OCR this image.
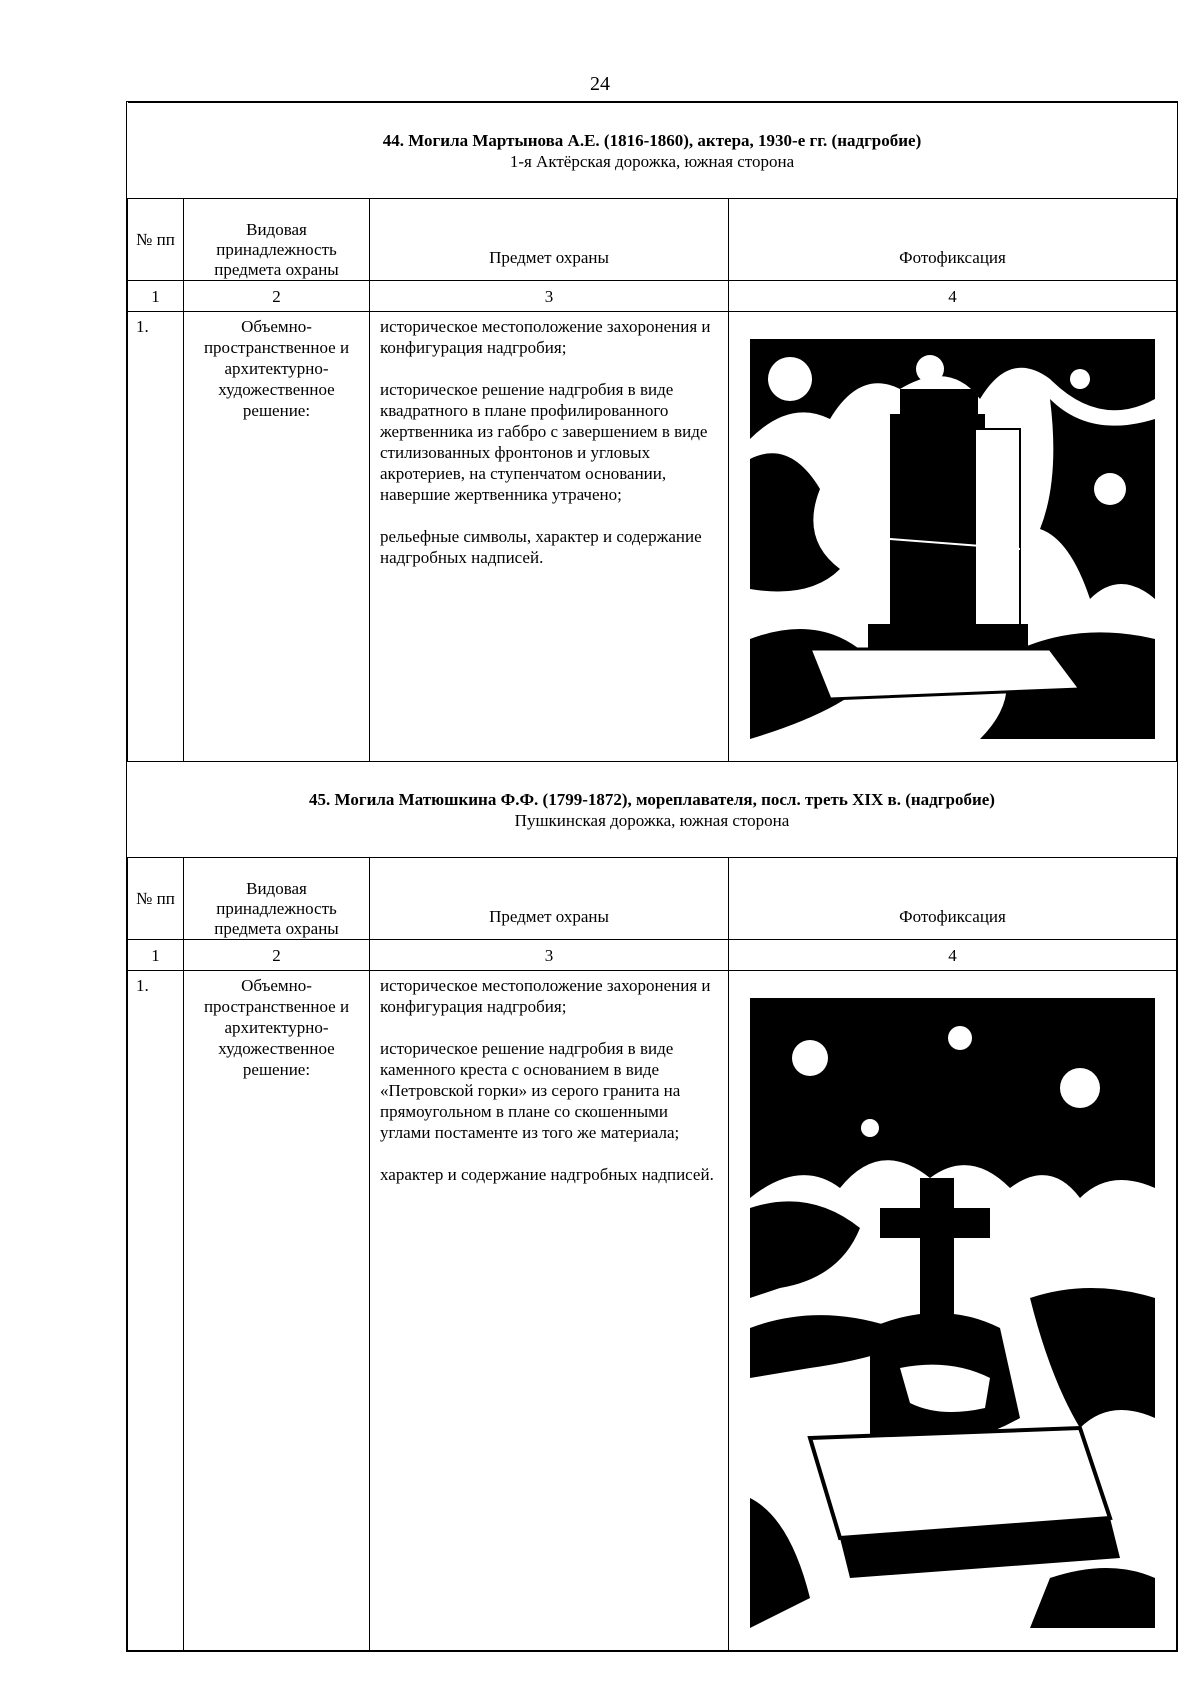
24
44. Могила Мартынова А.Е. (1816-1860), актера, 1930-е гг. (надгробие)
1-я Актёрская дорожка, южная сторона			

№ пп	Видовая принадлежность предмета охраны	Предмет охраны	Фотофиксация
1	2	3	4
1.	Объемно-пространственное и архитектурно-художественное решение:	историческое местоположение захоронения и конфигурация надгробия;

историческое решение надгробия в виде квадратного в плане профилированного жертвенника из габбро с завершением в виде стилизованных фронтонов и угловых акротериев, на ступенчатом основании, навершие жертвенника утрачено;

рельефные символы, характер и содержание надгробных надписей.

45. Могила Матюшкина Ф.Ф. (1799-1872), мореплавателя, посл. треть XIX в. (надгробие)
Пушкинская дорожка, южная сторона			

№ пп	Видовая принадлежность предмета охраны	Предмет охраны	Фотофиксация
1	2	3	4
1.	Объемно-пространственное и архитектурно-художественное решение:	историческое местоположение захоронения и конфигурация надгробия;

историческое решение надгробия в виде каменного креста с основанием в виде «Петровской горки» из серого гранита на прямоугольном в плане со скошенными углами постаменте из того же материала;

характер и содержание надгробных надписей.
